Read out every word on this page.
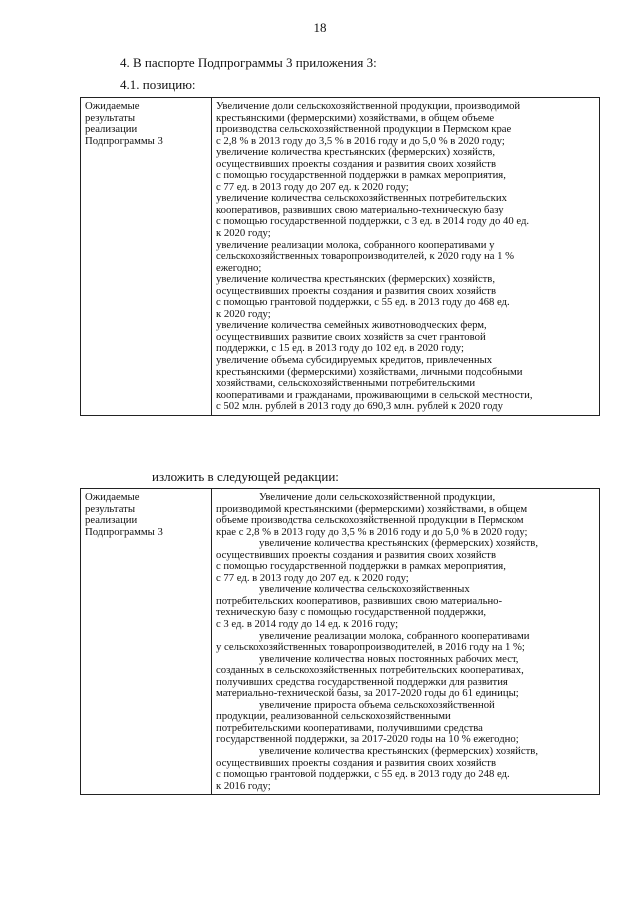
18
4. В паспорте Подпрограммы 3 приложения 3:
4.1. позицию:
Ожидаемые
результаты
реализации
Подпрограммы 3

Увеличение доли сельскохозяйственной продукции, производимой
крестьянскими (фермерскими) хозяйствами, в общем объеме
производства сельскохозяйственной продукции в Пермском крае
с 2,8 % в 2013 году до 3,5 % в 2016 году и до 5,0 % в 2020 году;
увеличение количества крестьянских (фермерских) хозяйств,
осуществивших проекты создания и развития своих хозяйств
с помощью государственной поддержки в рамках мероприятия,
с 77 ед. в 2013 году до 207 ед. к 2020 году;
увеличение количества сельскохозяйственных потребительских
кооперативов, развивших свою материально-техническую базу
с помощью государственной поддержки, с 3 ед. в 2014 году до 40 ед.
к 2020 году;
увеличение реализации молока, собранного кооперативами у
сельскохозяйственных товаропроизводителей, к 2020 году на 1 %
ежегодно;
увеличение количества крестьянских (фермерских) хозяйств,
осуществивших проекты создания и развития своих хозяйств
с помощью грантовой поддержки, с 55 ед. в 2013 году до 468 ед.
к 2020 году;
увеличение количества семейных животноводческих ферм,
осуществивших развитие своих хозяйств за счет грантовой
поддержки, с 15 ед. в 2013 году до 102 ед. в 2020 году;
увеличение объема субсидируемых кредитов, привлеченных
крестьянскими (фермерскими) хозяйствами, личными подсобными
хозяйствами, сельскохозяйственными потребительскими
кооперативами и гражданами, проживающими в сельской местности,
с 502 млн. рублей в 2013 году до 690,3 млн. рублей к 2020 году
изложить в следующей редакции:
Ожидаемые
результаты
реализации
Подпрограммы 3

Увеличение доли сельскохозяйственной продукции,
производимой крестьянскими (фермерскими) хозяйствами, в общем
объеме производства сельскохозяйственной продукции в Пермском
крае с 2,8 % в 2013 году до 3,5 % в 2016 году и до 5,0 % в 2020 году;
увеличение количества крестьянских (фермерских) хозяйств,
осуществивших проекты создания и развития своих хозяйств
с помощью государственной поддержки в рамках мероприятия,
с 77 ед. в 2013 году до 207 ед. к 2020 году;
увеличение количества сельскохозяйственных
потребительских кооперативов, развивших свою материально-
техническую базу с помощью государственной поддержки,
с 3 ед. в 2014 году до 14 ед. к 2016 году;
увеличение реализации молока, собранного кооперативами
у сельскохозяйственных товаропроизводителей, в 2016 году на 1 %;
увеличение количества новых постоянных рабочих мест,
созданных в сельскохозяйственных потребительских кооперативах,
получивших средства государственной поддержки для развития
материально-технической базы, за 2017-2020 годы до 61 единицы;
увеличение прироста объема сельскохозяйственной
продукции, реализованной сельскохозяйственными
потребительскими кооперативами, получившими средства
государственной поддержки, за 2017-2020 годы на 10 % ежегодно;
увеличение количества крестьянских (фермерских) хозяйств,
осуществивших проекты создания и развития своих хозяйств
с помощью грантовой поддержки, с 55 ед. в 2013 году до 248 ед.
к 2016 году;
